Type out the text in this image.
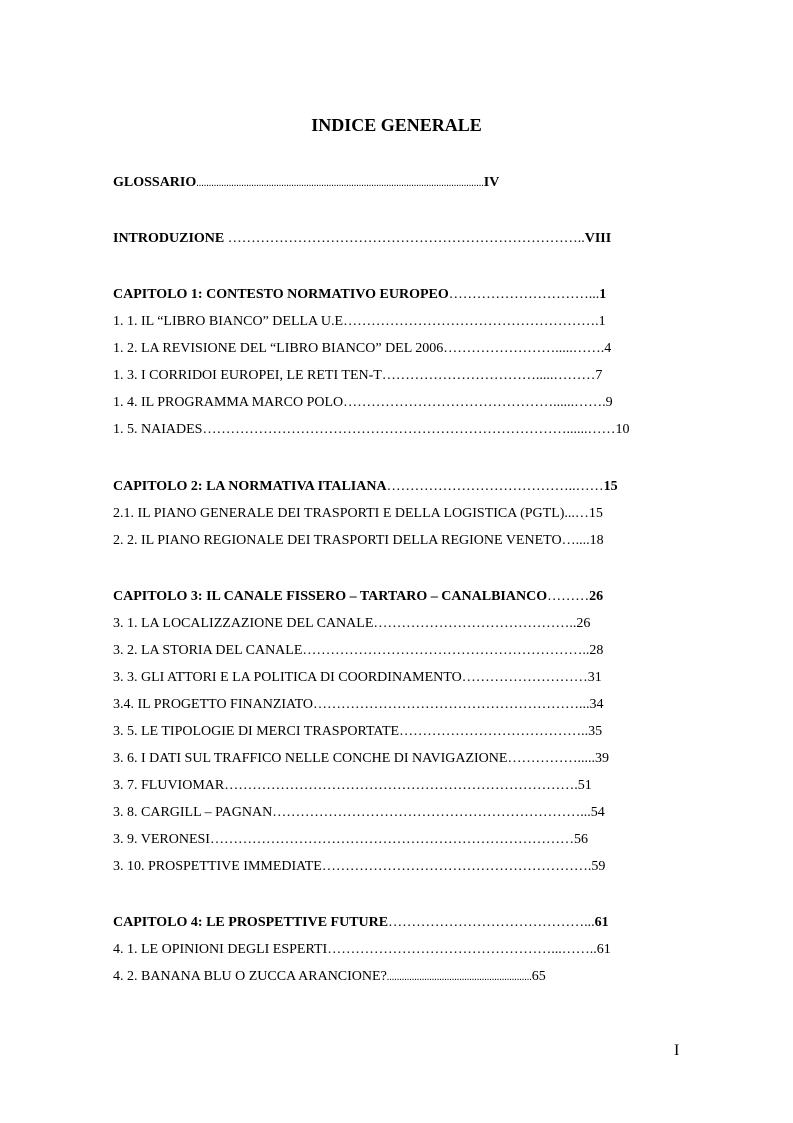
INDICE GENERALE
GLOSSARIO...................................................................................................................IV
INTRODUZIONE …………………………………………………………………..VIII
CAPITOLO 1: CONTESTO NORMATIVO EUROPEO…………………………...1
1. 1. IL “LIBRO BIANCO” DELLA U.E……………………………………………….1
1. 2. LA REVISIONE DEL “LIBRO BIANCO” DEL 2006…………………….....…….4
1. 3. I CORRIDOI EUROPEI, LE RETI TEN-T…………………………….....………7
1. 4. IL PROGRAMMA MARCO POLO………………………………………......…….9
1. 5. NAIADES……………………………………………………………………......……10
CAPITOLO 2: LA NORMATIVA ITALIANA…………………………………..……15
2.1. IL PIANO GENERALE DEI TRASPORTI E DELLA LOGISTICA (PGTL)...…15
2. 2. IL PIANO REGIONALE DEI TRASPORTI DELLA REGIONE VENETO…....18
CAPITOLO 3: IL CANALE FISSERO – TARTARO – CANALBIANCO………26
3. 1. LA LOCALIZZAZIONE DEL CANALE……………………………………..26
3. 2. LA STORIA DEL CANALE……………………………………………………..28
3. 3. GLI ATTORI E LA POLITICA DI COORDINAMENTO………………………31
3.4. IL PROGETTO FINANZIATO…………………………………………………...34
3. 5. LE TIPOLOGIE DI MERCI TRASPORTATE…………………………………..35
3. 6. I DATI SUL TRAFFICO NELLE CONCHE DI NAVIGAZIONE…………….....39
3. 7. FLUVIOMAR………………………………………………………………….51
3. 8. CARGILL – PAGNAN…………………………………………………………...54
3. 9. VERONESI……………………………………………………………………56
3. 10. PROSPETTIVE IMMEDIATE………………………………………………….59
CAPITOLO 4: LE PROSPETTIVE FUTURE……………………………………...61
4. 1. LE OPINIONI DEGLI ESPERTI…………………………………………...……..61
4. 2. BANANA BLU O ZUCCA ARANCIONE?..........................................................65
I
